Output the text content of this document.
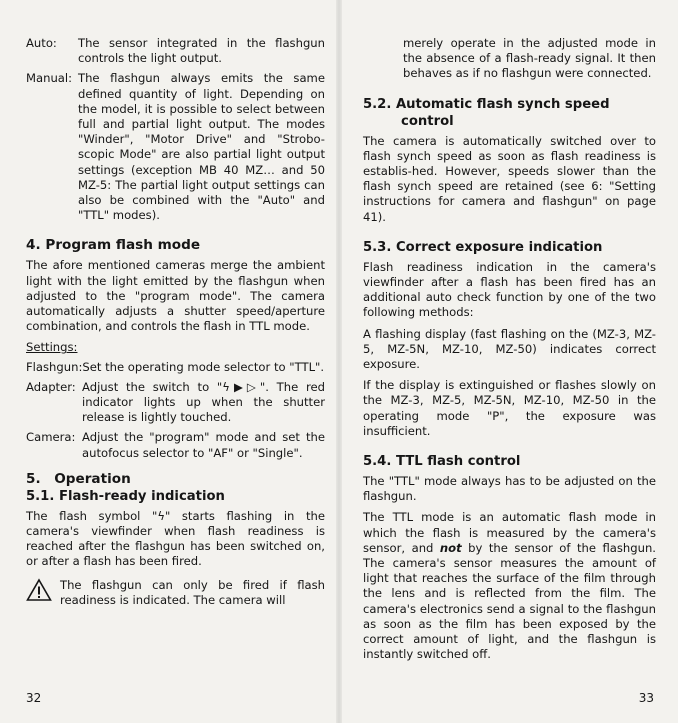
Auto:	The sensor integrated in the flashgun controls the light output.
Manual: The flashgun always emits the same defined quantity of light. Depending on the model, it is possible to select between full and partial light output. The modes "Winder", "Motor Drive" and "Strobo-scopic Mode" are also partial light output settings (exception MB 40 MZ… and 50 MZ-5: The partial light output settings can also be combined with the "Auto" and "TTL" modes).
4. Program flash mode

The afore mentioned cameras merge the ambient light with the light emitted by the flashgun when adjusted to the "program mode". The camera automatically adjusts a shutter speed/aperture combination, and controls the flash in TTL mode.

Settings:

Flashgun: Set the operating mode selector to "TTL".
Adapter: Adjust the switch to "ϟ▶▷". The red indicator lights up when the shutter release is lightly touched.
Camera: Adjust the "program" mode and set the autofocus selector to "AF" or "Single".
5. Operation
5.1. Flash-ready indication

The flash symbol "ϟ" starts flashing in the camera's viewfinder when flash readiness is reached after the flashgun has been switched on, or after a flash has been fired.

The flashgun can only be fired if flash readiness is indicated. The camera will
32

merely operate in the adjusted mode in the absence of a flash-ready signal. It then behaves as if no flashgun were connected.

5.2. Automatic flash synch speed
control

The camera is automatically switched over to flash synch speed as soon as flash readiness is establis-hed. However, speeds slower than the flash synch speed are retained (see 6: "Setting instructions for camera and flashgun" on page 41).

5.3. Correct exposure indication

Flash readiness indication in the camera's viewfinder after a flash has been fired has an additional auto check function by one of the two following methods:

A flashing display (fast flashing on the (MZ-3, MZ-5, MZ-5N, MZ-10, MZ-50) indicates correct exposure.

If the display is extinguished or flashes slowly on the MZ-3, MZ-5, MZ-5N, MZ-10, MZ-50 in the operating mode "P", the exposure was insufficient.

5.4. TTL flash control

The "TTL" mode always has to be adjusted on the flashgun.

The TTL mode is an automatic flash mode in which the flash is measured by the camera's sensor, and not by the sensor of the flashgun. The camera's sensor measures the amount of light that reaches the surface of the film through the lens and is reflected from the film. The camera's electronics send a signal to the flashgun as soon as the film has been exposed by the correct amount of light, and the flashgun is instantly switched off.

33
